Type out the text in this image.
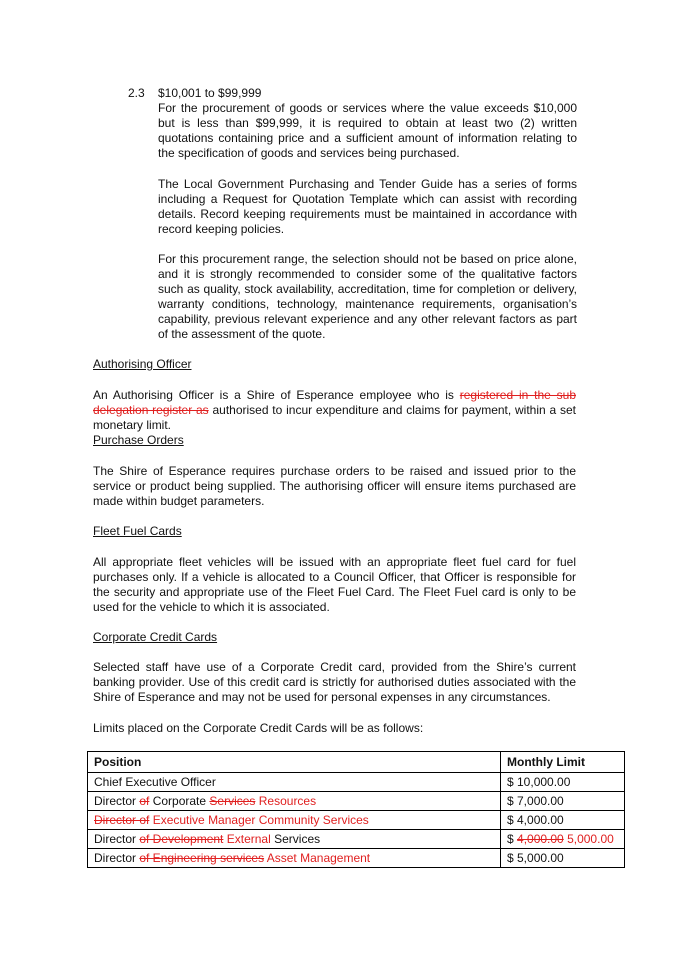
2.3 $10,001 to $99,999

For the procurement of goods or services where the value exceeds $10,000 but is less than $99,999, it is required to obtain at least two (2) written quotations containing price and a sufficient amount of information relating to the specification of goods and services being purchased.

The Local Government Purchasing and Tender Guide has a series of forms including a Request for Quotation Template which can assist with recording details. Record keeping requirements must be maintained in accordance with record keeping policies.

For this procurement range, the selection should not be based on price alone, and it is strongly recommended to consider some of the qualitative factors such as quality, stock availability, accreditation, time for completion or delivery, warranty conditions, technology, maintenance requirements, organisation’s capability, previous relevant experience and any other relevant factors as part of the assessment of the quote.

Authorising Officer

An Authorising Officer is a Shire of Esperance employee who is registered in the sub delegation register as authorised to incur expenditure and claims for payment, within a set monetary limit.

Purchase Orders

The Shire of Esperance requires purchase orders to be raised and issued prior to the service or product being supplied. The authorising officer will ensure items purchased are made within budget parameters.

Fleet Fuel Cards

All appropriate fleet vehicles will be issued with an appropriate fleet fuel card for fuel purchases only. If a vehicle is allocated to a Council Officer, that Officer is responsible for the security and appropriate use of the Fleet Fuel Card. The Fleet Fuel card is only to be used for the vehicle to which it is associated.

Corporate Credit Cards

Selected staff have use of a Corporate Credit card, provided from the Shire’s current banking provider. Use of this credit card is strictly for authorised duties associated with the Shire of Esperance and may not be used for personal expenses in any circumstances.

Limits placed on the Corporate Credit Cards will be as follows:

Position	Monthly Limit
Chief Executive Officer	$ 10,000.00
Director of Corporate Services Resources	$ 7,000.00
Director of Executive Manager Community Services	$ 4,000.00
Director of Development External Services	$ 4,000.00 5,000.00
Director of Engineering services Asset Management	$ 5,000.00
